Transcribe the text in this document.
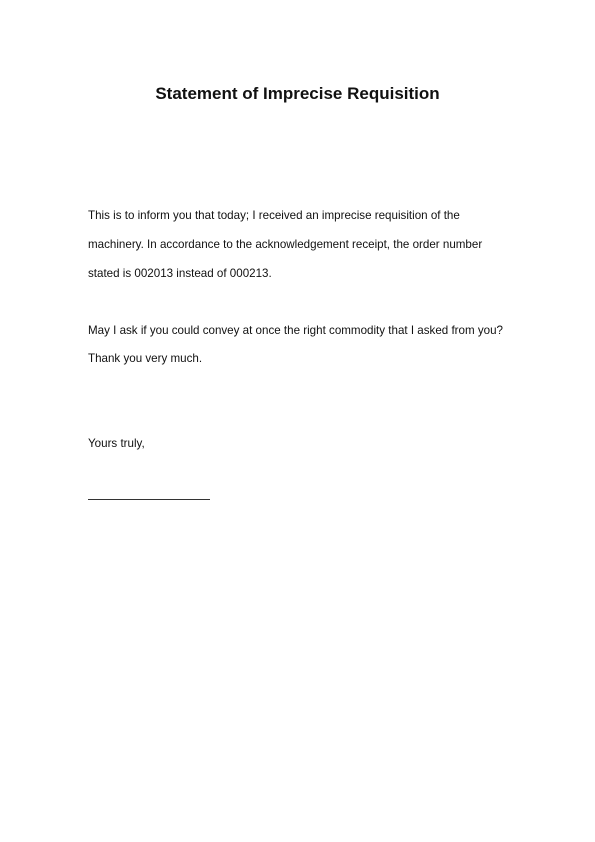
Statement of Imprecise Requisition
This is to inform you that today; I received an imprecise requisition of the
machinery. In accordance to the acknowledgement receipt, the order number
stated is 002013 instead of 000213.
May I ask if you could convey at once the right commodity that I asked from you?
Thank you very much.
Yours truly,
